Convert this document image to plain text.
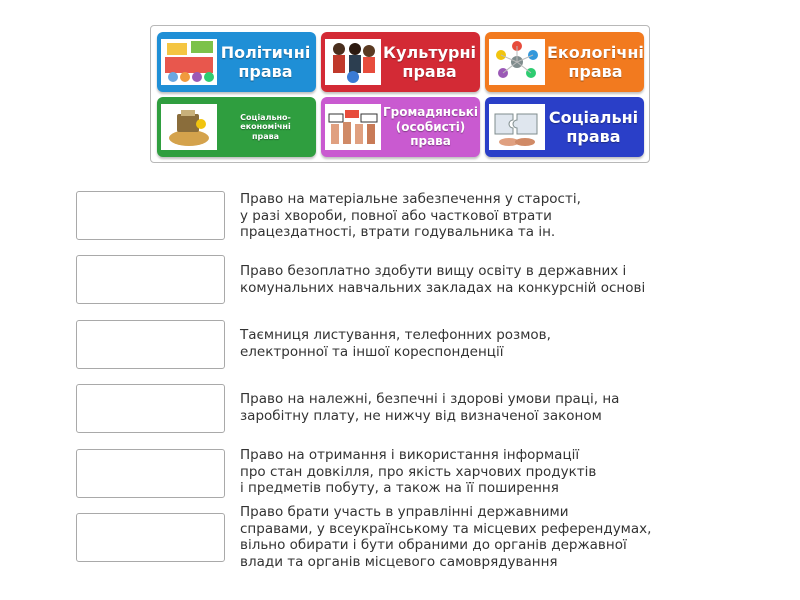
Політичні
права
Культурні
права
Екологічні
права
Соціально-економічні
права
Громадянські
(особисті)
права
Соціальні
права
Право на матеріальне забезпечення у старості,
у разі хвороби, повної або часткової втрати
працездатності, втрати годувальника та ін.
Право безоплатно здобути вищу освіту в державних і
комунальних навчальних закладах на конкурсній основі
Таємниця листування, телефонних розмов,
електронної та іншої кореспонденції
Право на належні, безпечні і здорові умови праці, на
заробітну плату, не нижчу від визначеної законом
Право на отримання і використання інформації
про стан довкілля, про якість харчових продуктів
і предметів побуту, а також на її поширення
Право брати участь в управлінні державними
справами, у всеукраїнському та місцевих референдумах,
вільно обирати і бути обраними до органів державної
влади та органів місцевого самоврядування
